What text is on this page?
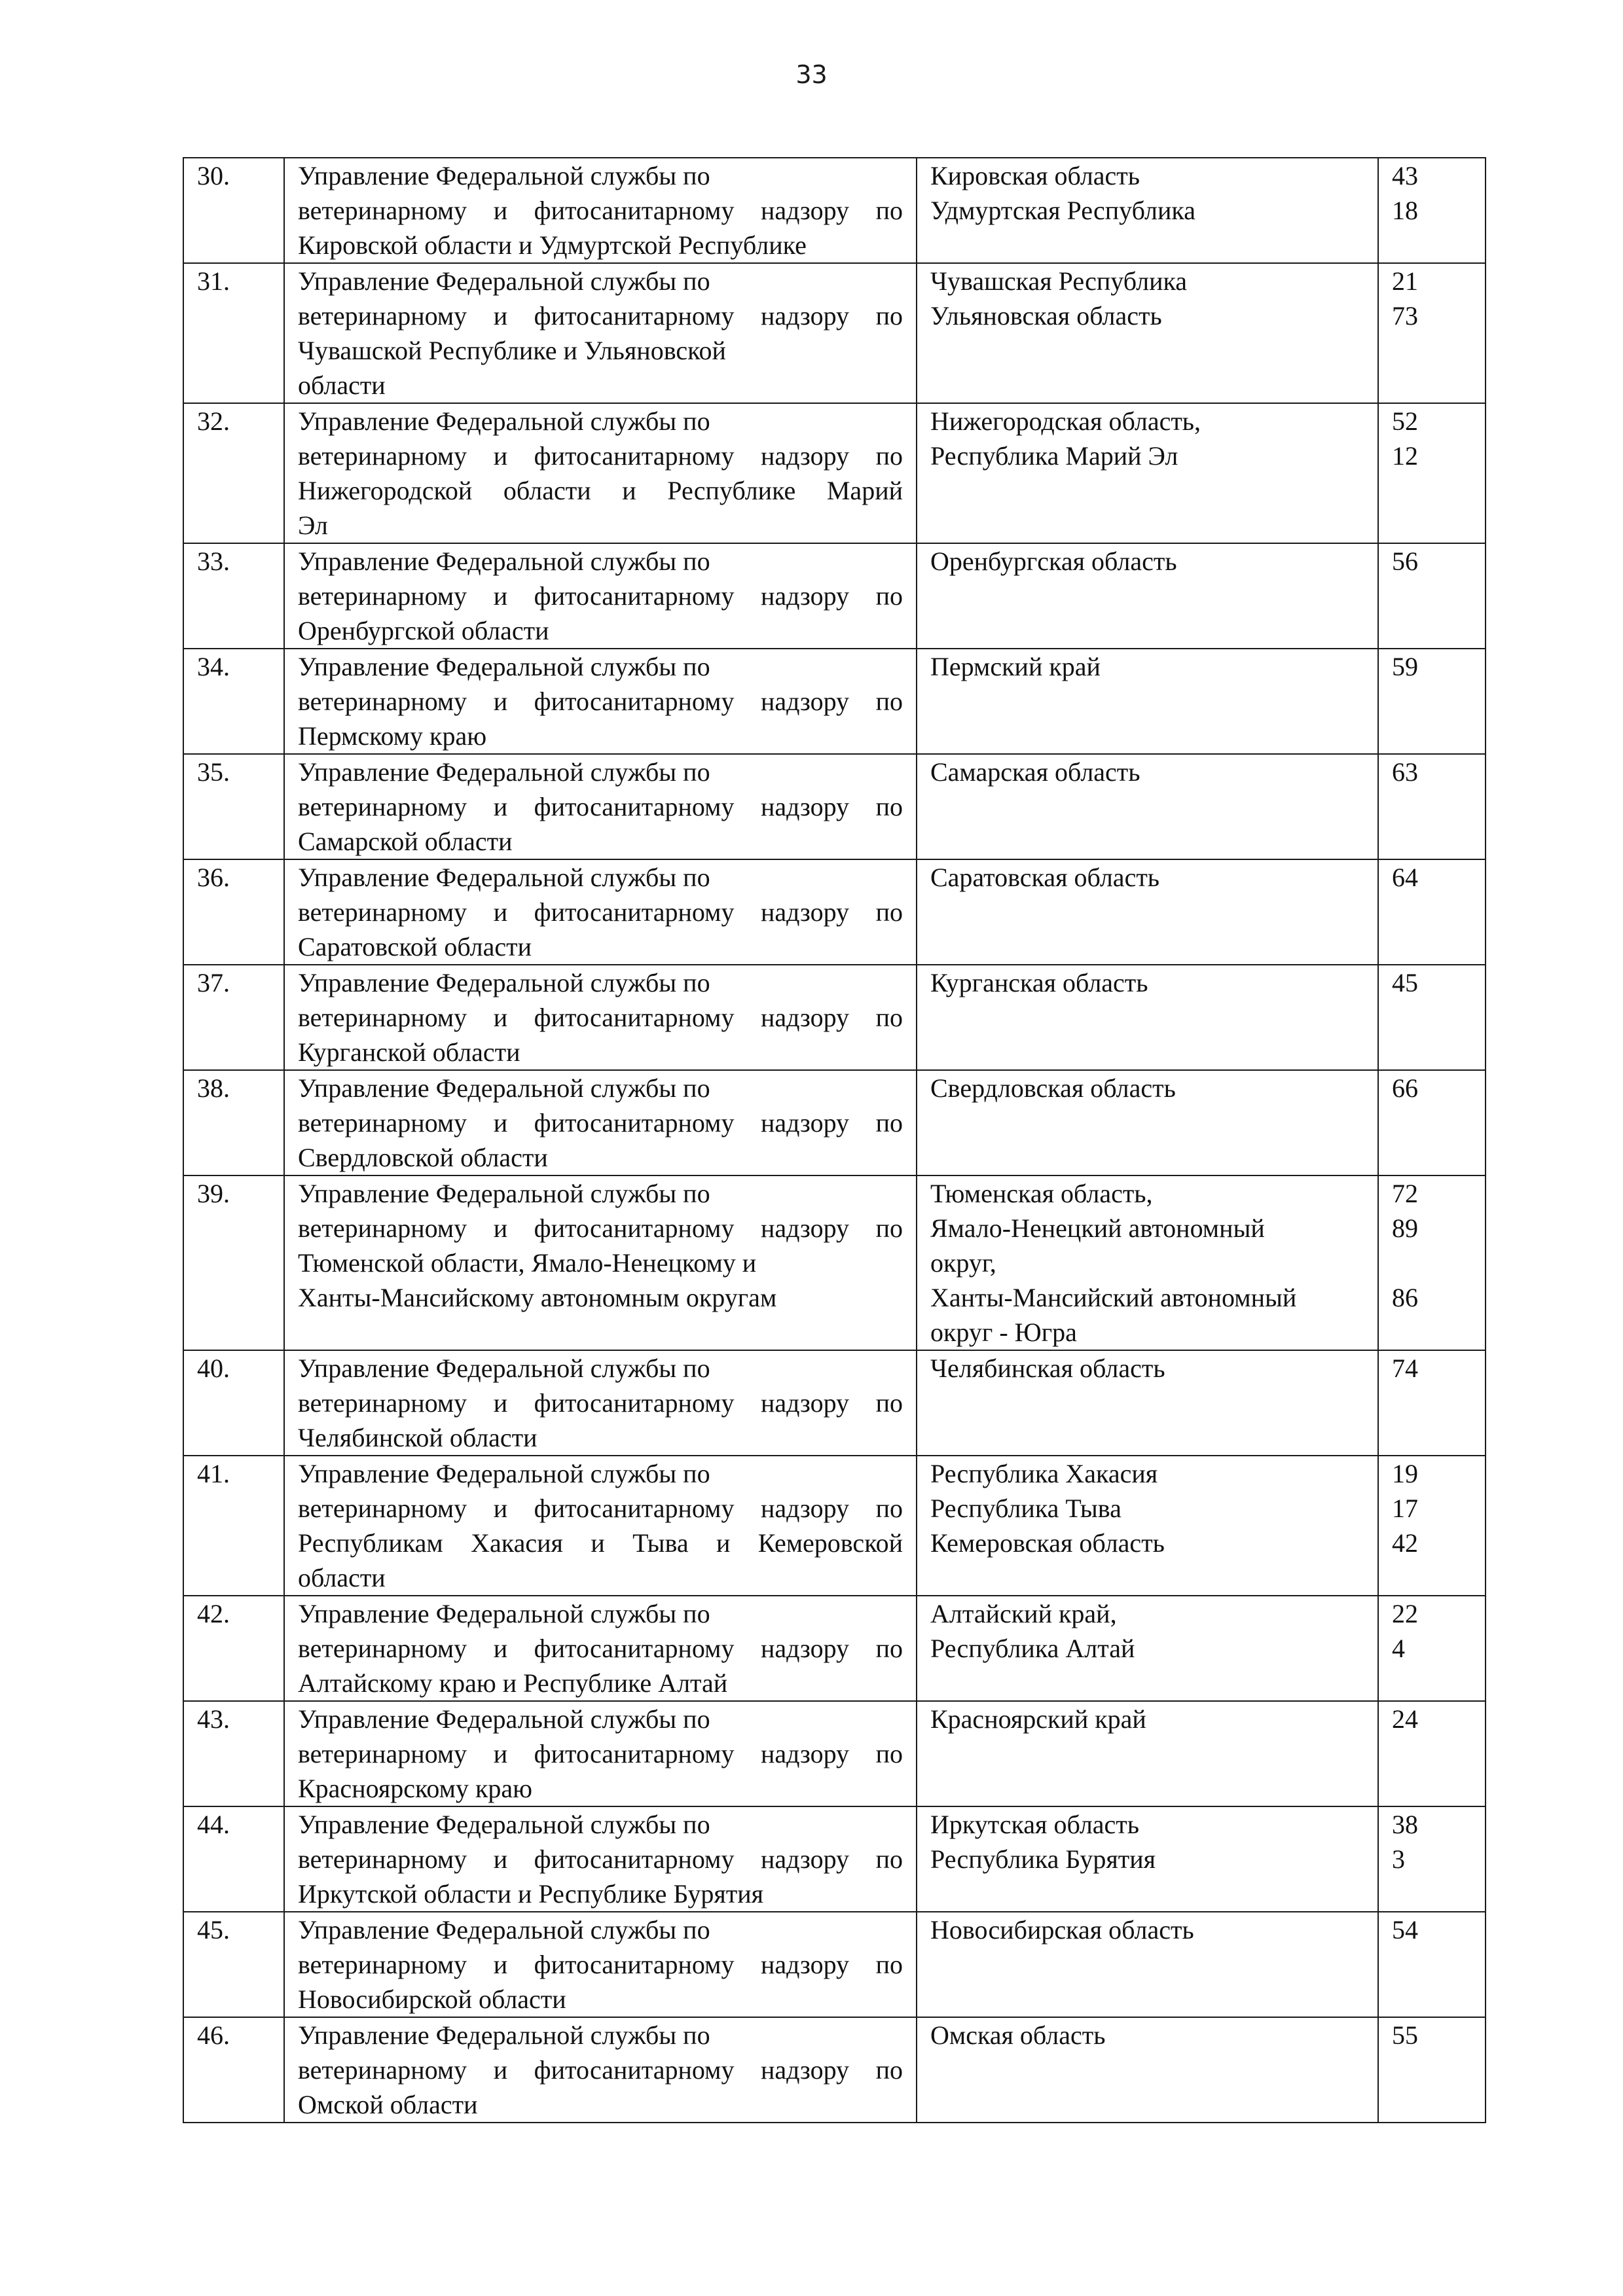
33
30.	Управление Федеральной службы по
ветеринарному и фитосанитарному надзору по
Кировской области и Удмуртской Республике	Кировская область
Удмуртская Республика	43
18

31.	Управление Федеральной службы по
ветеринарному и фитосанитарному надзору по
Чувашской Республике и Ульяновской
области	Чувашская Республика
Ульяновская область	21
73

32.	Управление Федеральной службы по
ветеринарному и фитосанитарному надзору по
Нижегородской области и Республике Марий
Эл	Нижегородская область,
Республика Марий Эл	52
12

33.	Управление Федеральной службы по
ветеринарному и фитосанитарному надзору по
Оренбургской области	Оренбургская область	56

34.	Управление Федеральной службы по
ветеринарному и фитосанитарному надзору по
Пермскому краю	Пермский край	59

35.	Управление Федеральной службы по
ветеринарному и фитосанитарному надзору по
Самарской области	Самарская область	63

36.	Управление Федеральной службы по
ветеринарному и фитосанитарному надзору по
Саратовской области	Саратовская область	64

37.	Управление Федеральной службы по
ветеринарному и фитосанитарному надзору по
Курганской области	Курганская область	45

38.	Управление Федеральной службы по
ветеринарному и фитосанитарному надзору по
Свердловской области	Свердловская область	66

39.	Управление Федеральной службы по
ветеринарному и фитосанитарному надзору по
Тюменской области, Ямало-Ненецкому и
Ханты-Мансийскому автономным округам	Тюменская область,
Ямало-Ненецкий автономный
округ,
Ханты-Мансийский автономный
округ - Югра	72
89
86

40.	Управление Федеральной службы по
ветеринарному и фитосанитарному надзору по
Челябинской области	Челябинская область	74

41.	Управление Федеральной службы по
ветеринарному и фитосанитарному надзору по
Республикам Хакасия и Тыва и Кемеровской
области	Республика Хакасия
Республика Тыва
Кемеровская область	19
17
42

42.	Управление Федеральной службы по
ветеринарному и фитосанитарному надзору по
Алтайскому краю и Республике Алтай	Алтайский край,
Республика Алтай	22
4

43.	Управление Федеральной службы по
ветеринарному и фитосанитарному надзору по
Красноярскому краю	Красноярский край	24

44.	Управление Федеральной службы по
ветеринарному и фитосанитарному надзору по
Иркутской области и Республике Бурятия	Иркутская область
Республика Бурятия	38
3

45.	Управление Федеральной службы по
ветеринарному и фитосанитарному надзору по
Новосибирской области	Новосибирская область	54

46.	Управление Федеральной службы по
ветеринарному и фитосанитарному надзору по
Омской области	Омская область	55
